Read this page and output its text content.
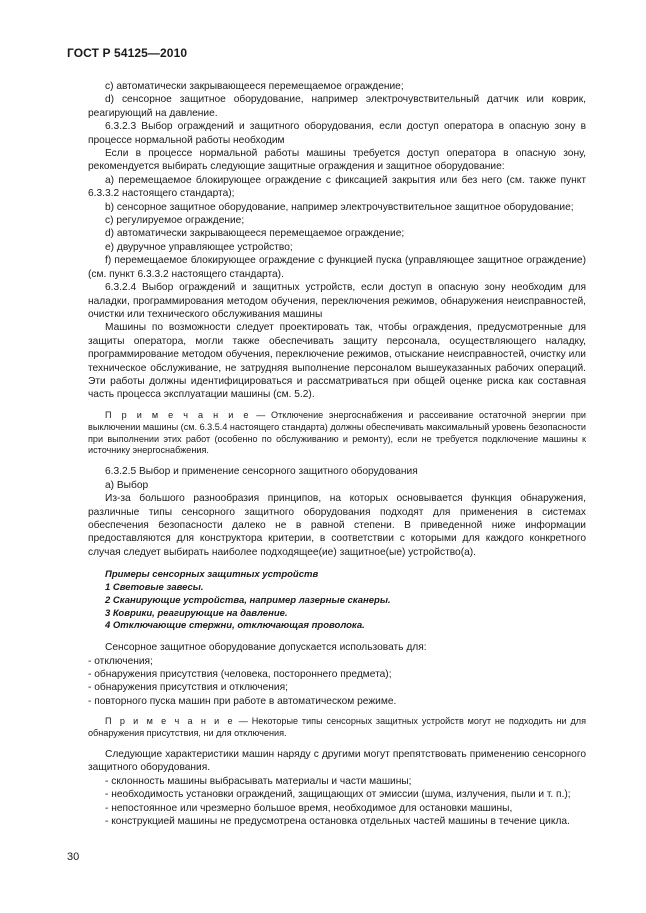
ГОСТ Р 54125—2010

с) автоматически закрывающееся перемещаемое ограждение;

d) сенсорное защитное оборудование, например электрочувствительный датчик или коврик, реагирующий на давление.

6.3.2.3 Выбор ограждений и защитного оборудования, если доступ оператора в опасную зону в процессе нормальной работы необходим

Если в процессе нормальной работы машины требуется доступ оператора в опасную зону, рекомендуется выбирать следующие защитные ограждения и защитное оборудование:

а) перемещаемое блокирующее ограждение с фиксацией закрытия или без него (см. также пункт 6.3.3.2 настоящего стандарта);

b) сенсорное защитное оборудование, например электрочувствительное защитное оборудование;

с) регулируемое ограждение;

d) автоматически закрывающееся перемещаемое ограждение;

е) двуручное управляющее устройство;

f) перемещаемое блокирующее ограждение с функцией пуска (управляющее защитное ограждение) (см. пункт 6.3.3.2 настоящего стандарта).

6.3.2.4 Выбор ограждений и защитных устройств, если доступ в опасную зону необходим для наладки, программирования методом обучения, переключения режимов, обнаружения неисправностей, очистки или технического обслуживания машины

Машины по возможности следует проектировать так, чтобы ограждения, предусмотренные для защиты оператора, могли также обеспечивать защиту персонала, осуществляющего наладку, программирование методом обучения, переключение режимов, отыскание неисправностей, очистку или техническое обслуживание, не затрудняя выполнение персоналом вышеуказанных рабочих операций. Эти работы должны идентифицироваться и рассматриваться при общей оценке риска как составная часть процесса эксплуатации машины (см. 5.2).

П р и м е ч а н и е — Отключение энергоснабжения и рассеивание остаточной энергии при выключении машины (см. 6.3.5.4 настоящего стандарта) должны обеспечивать максимальный уровень безопасности при выполнении этих работ (особенно по обслуживанию и ремонту), если не требуется подключение машины к источнику энергоснабжения.

6.3.2.5 Выбор и применение сенсорного защитного оборудования

а) Выбор

Из-за большого разнообразия принципов, на которых основывается функция обнаружения, различные типы сенсорного защитного оборудования подходят для применения в системах обеспечения безопасности далеко не в равной степени. В приведенной ниже информации предоставляются для конструктора критерии, в соответствии с которыми для каждого конкретного случая следует выбирать наиболее подходящее(ие) защитное(ые) устройство(а).

Примеры сенсорных защитных устройств

1 Световые завесы.

2 Сканирующие устройства, например лазерные сканеры.

3 Коврики, реагирующие на давление.

4 Отключающие стержни, отключающая проволока.

Сенсорное защитное оборудование допускается использовать для:

- отключения;

- обнаружения присутствия (человека, постороннего предмета);

- обнаружения присутствия и отключения;

- повторного пуска машин при работе в автоматическом режиме.

П р и м е ч а н и е — Некоторые типы сенсорных защитных устройств могут не подходить ни для обнаружения присутствия, ни для отключения.

Следующие характеристики машин наряду с другими могут препятствовать применению сенсорного защитного оборудования.

- склонность машины выбрасывать материалы и части машины;

- необходимость установки ограждений, защищающих от эмиссии (шума, излучения, пыли и т. п.);

- непостоянное или чрезмерно большое время, необходимое для остановки машины,

- конструкцией машины не предусмотрена остановка отдельных частей машины в течение цикла.

30
